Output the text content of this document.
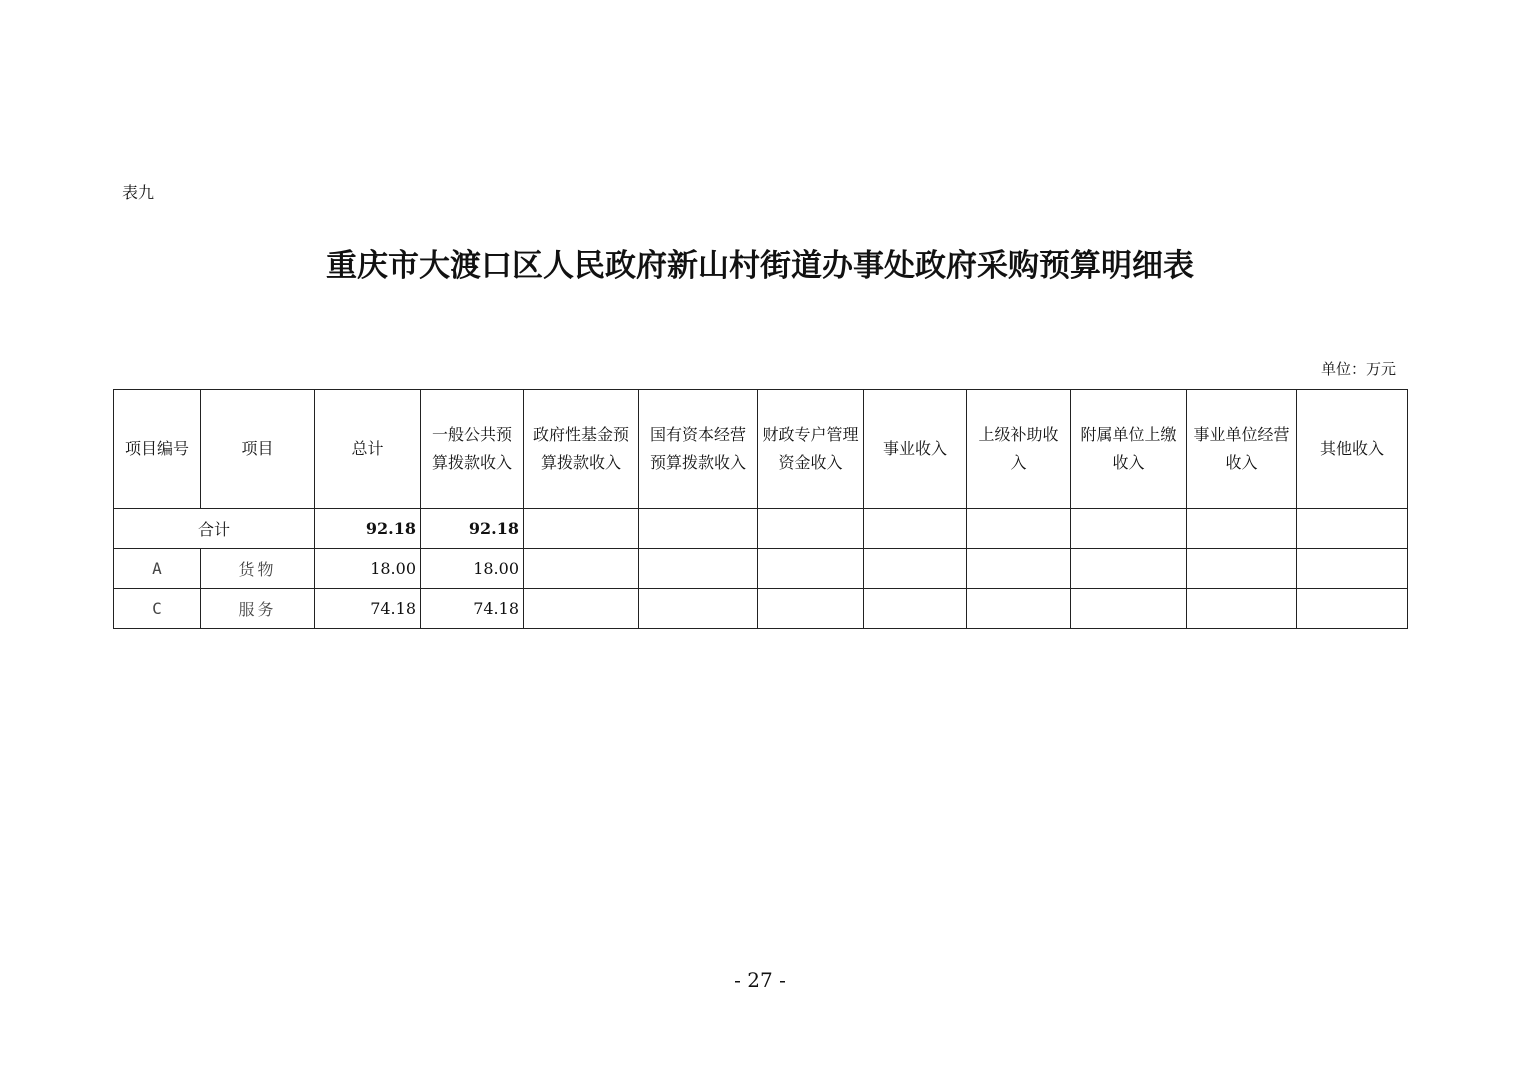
表九
重庆市大渡口区人民政府新山村街道办事处政府采购预算明细表
单位：万元
项目编号	项目	总计	一般公共预算拨款收入	政府性基金预算拨款收入	国有资本经营预算拨款收入	财政专户管理资金收入	事业收入	上级补助收入	附属单位上缴收入	事业单位经营收入	其他收入
合计		92.18	92.18								
A	货物	18.00	18.00								
C	服务	74.18	74.18								
- 27 -
